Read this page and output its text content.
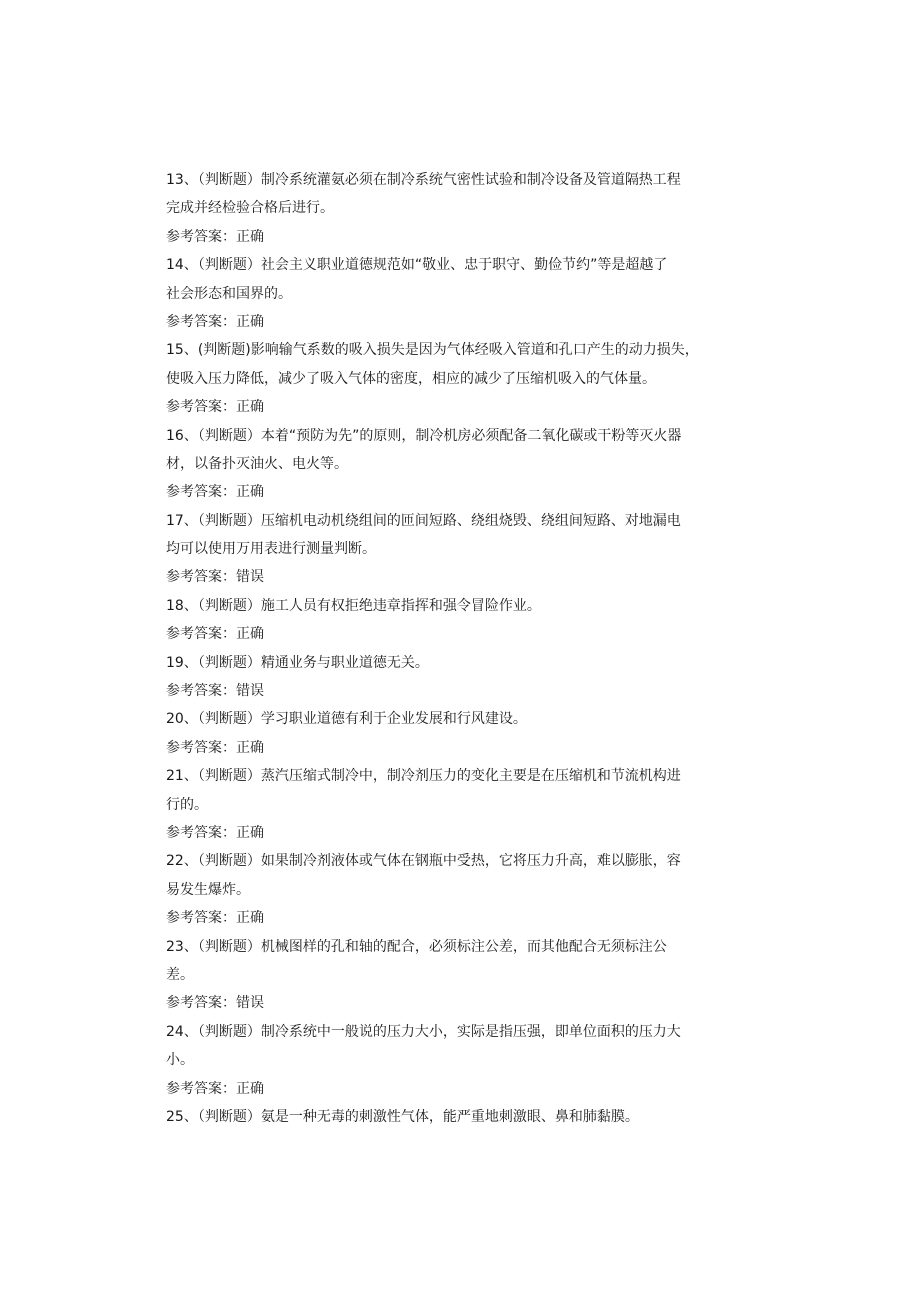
13、（判断题）制冷系统灌氨必须在制冷系统气密性试验和制冷设备及管道隔热工程
完成并经检验合格后进行。
参考答案：正确
14、（判断题）社会主义职业道德规范如“敬业、忠于职守、勤俭节约”等是超越了
社会形态和国界的。
参考答案：正确
15、(判断题)影响输气系数的吸入损失是因为气体经吸入管道和孔口产生的动力损失，
使吸入压力降低，减少了吸入气体的密度，相应的减少了压缩机吸入的气体量。
参考答案：正确
16、（判断题）本着“预防为先”的原则，制冷机房必须配备二氧化碳或干粉等灭火器
材，以备扑灭油火、电火等。
参考答案：正确
17、（判断题）压缩机电动机绕组间的匝间短路、绕组烧毁、绕组间短路、对地漏电
均可以使用万用表进行测量判断。
参考答案：错误
18、（判断题）施工人员有权拒绝违章指挥和强令冒险作业。
参考答案：正确
19、（判断题）精通业务与职业道德无关。
参考答案：错误
20、（判断题）学习职业道德有利于企业发展和行风建设。
参考答案：正确
21、（判断题）蒸汽压缩式制冷中，制冷剂压力的变化主要是在压缩机和节流机构进
行的。
参考答案：正确
22、（判断题）如果制冷剂液体或气体在钢瓶中受热，它将压力升高，难以膨胀，容
易发生爆炸。
参考答案：正确
23、（判断题）机械图样的孔和轴的配合，必须标注公差，而其他配合无须标注公
差。
参考答案：错误
24、（判断题）制冷系统中一般说的压力大小，实际是指压强，即单位面积的压力大
小。
参考答案：正确
25、（判断题）氨是一种无毒的刺激性气体，能严重地刺激眼、鼻和肺黏膜。
